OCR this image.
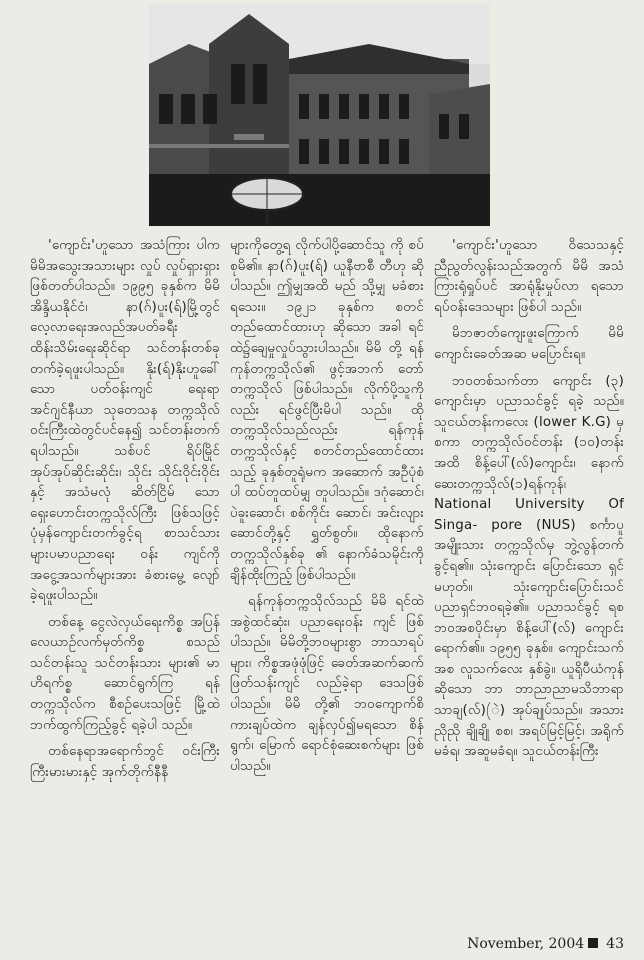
'ကျောင်း'ဟူသော အသံကြား ပါက မိမိအသွေးအသားများ လှုပ် လှုပ်ရှားရှား ဖြစ်တတ်ပါသည်။ ၁၉၉၅ ခုနှစ်က မိမိ အိန္ဒိယနိုင်ငံ၊ နာ(ဂ်)ပူး(ရ်)မြို့တွင် လေ့လာရေးအလည်အပတ်ခရီး ထိန်းသိမ်းရေးဆိုင်ရာ သင်တန်းတစ်ခု တက်ခဲ့ရဖူးပါသည်။ နိုး(ရ်)နိုးဟူခေါ်သော ပတ်ဝန်းကျင် ရေးရာ အင်ဂျင်နီယာ သုတေသန တက္ကသိုလ်ဝင်းကြီးထဲတွင်ပင်နေ၍ သင်တန်းတက်ရပါသည်။ သစ်ပင် ရိပ်မြိုင် အုပ်အုပ်ဆိုင်းဆိုင်း၊ သိုင်း သိုင်းဝိုင်းဝိုင်းနှင့် အသံမလုံ ဆိတ်ငြိမ် သော ရှေးဟောင်းတက္ကသိုလ်ကြီး ဖြစ်သဖြင့် ပုံမှန်ကျောင်းတက်ခွင့်ရ စာသင်သားများပမာပညာရေး ဝန်း ကျင်ကို အငွေ့အသက်များအား ခံစားမွေ့ လျော်ခဲ့ရဖူးပါသည်။

တစ်နေ့ ငွေလဲလှယ်ရေးကိစ္စ အပြန် လေယာဉ်လက်မှတ်ကိစ္စ စသည်သင်တန်းသူ သင်တန်းသား များ၏ မာဟိရက်စ္စ ဆောင်ရွက်ကြ ရန် တက္ကသိုလ်က စီစဉ်ပေးသဖြင့် မြို့ထဲဘက်ထွက်ကြည့်ခွင့် ရခဲ့ပါ သည်။

တစ်နေရာအရောက်ဘွင် ဝင်းကြီး ကြီးမားမားနှင့် အုက်တိုက်နီနီ

များကိုတွေ့ရ လိုက်ပါပို့ဆောင်သူ ကို စပ်စုမိ၏။ နာ(ဂ်)ပူး(ရ်) ယူနီဗာစီ တီဟု ဆိုပါသည်။ ဤမျှအထိ မည် သို့မျှ မခံစားရသေး။ ၁၉၂၁ ခုနှစ်က စတင်တည်ထောင်ထားဟု ဆိုသော အခါ ရင်ထဲ၌ချေမှုလှုပ်သွားပါသည်။ မိမိ တို့ ရန်ကုန်တက္ကသိုလ်၏ ဖွင့်အဘက် တော် တက္ကသိုလ် ဖြစ်ပါသည်။ လိုက်ပို့သူကိုလည်း ရင်ဖွင်ပြီးမိပါ သည်။ ထိုတက္ကသိုလ်သည်လည်း ရန်ကုန် တက္ကသိုလ်နှင့် စတင်တည်ထောင်ထား သည့် ခုနှစ်တူရုံမက အဆောက် အဦပုံစံပါ ထပ်တူထပ်မျှ တူပါသည်။ ဒဂုံဆောင်၊ ပဲခူးဆောင်၊ စစ်ကိုင်း ဆောင်၊ အင်းလျားဆောင်တို့နှင့် ရွှတ်စွတ်။ ထိုနောက် တက္ကသိုလ်နှစ်ခု ၏ နောက်ခံသမိုင်းကို ချိန်ထိုးကြည့် ဖြစ်ပါသည်။

ရန်ကုန်တက္ကသိုလ်သည် မိမိ ရင်ထဲ အစွဲထင်ဆုံး၊ ပညာရေးဝန်း ကျင် ဖြစ်ပါသည်။ မိမိတို့ဘဝများစွာ ဘာသာရပ်များ၊ ကိစ္စအဖုံဖုံဖြင့် ခေတ်အဆက်ဆက် ဖြတ်သန်းကျင် လည်ခဲ့ရာ ဒေသဖြစ်ပါသည်။ မိမိ တို့၏ ဘဝကျောက်စိကားချပ်ထဲက ချန်လှပ်၍မရသော စိန်ရွက်၊ မြောက် ရောင်စုံဆေးစက်များ ဖြစ်ပါသည်။

'ကျောင်း'ဟူသော ဝိသေသနှင့် ညီညွတ်လွန်းသည်အတွက် မိမိ အသံ ကြားရုံရှုပ်ပင် အာရုံနိုးမှုပ်လာ ရသော ရပ်ဝန်းဒေသများ ဖြစ်ပါ သည်။

မိဘဇာတ်ကျေးဖူးကြောက် မိမိ ကျောင်းခေတ်အဆ မပြောင်းရ။

ဘဝတစ်သက်တာ ကျောင်း (၃) ကျောင်းမှာ ပညာသင်ခွင့် ရခဲ့ သည်။ သူငယ်တန်းကလေး (lower K.G) မှစကာ တက္ကသိုလ်ဝင်တန်း (၁၀)တန်းအထိ စိန့်ပေါ်(လ်)ကျောင်း၊ နောက်ဆေးတက္ကသိုလ်(၁)ရန်ကုန်၊ National University Of Singa- pore (NUS) စင်္ကာပူ အမျိုးသား တက္ကသိုလ်မှ ဘွဲ့လွန်တက်ခွင့်ရ၏။ သုံးကျောင်း ပြောင်းသော ရှင် မဟုတ်။ သုံးကျောင်းပြောင်းသင် ပညာရှင်ဘဝရခဲ့၏။ ပညာသင်ခွင့် ရစ ဘဝအစပိုင်းမှာ စိန့်ပေါ်(လ်) ကျောင်း ရောက်၏။ ၁၉၅၅ ခုနှစ်။ ကျောင်းသက်အစ လူသက်လေး နှစ်ခွဲ။ ယူရိုပီယံကုန်ဆိုသော ဘာ ဘာညာညာမသိဘာရာသာချ(လ်)(ဲ) အုပ်ချုပ်သည်။ အသားညိုညို ချိုချို စစ၊ အရပ်မြင့်မြင့်၊ အရိုက်မခံရ၊ အဆူမခံရ။ သူငယ်တန်းကြီး

November, 2004 43
